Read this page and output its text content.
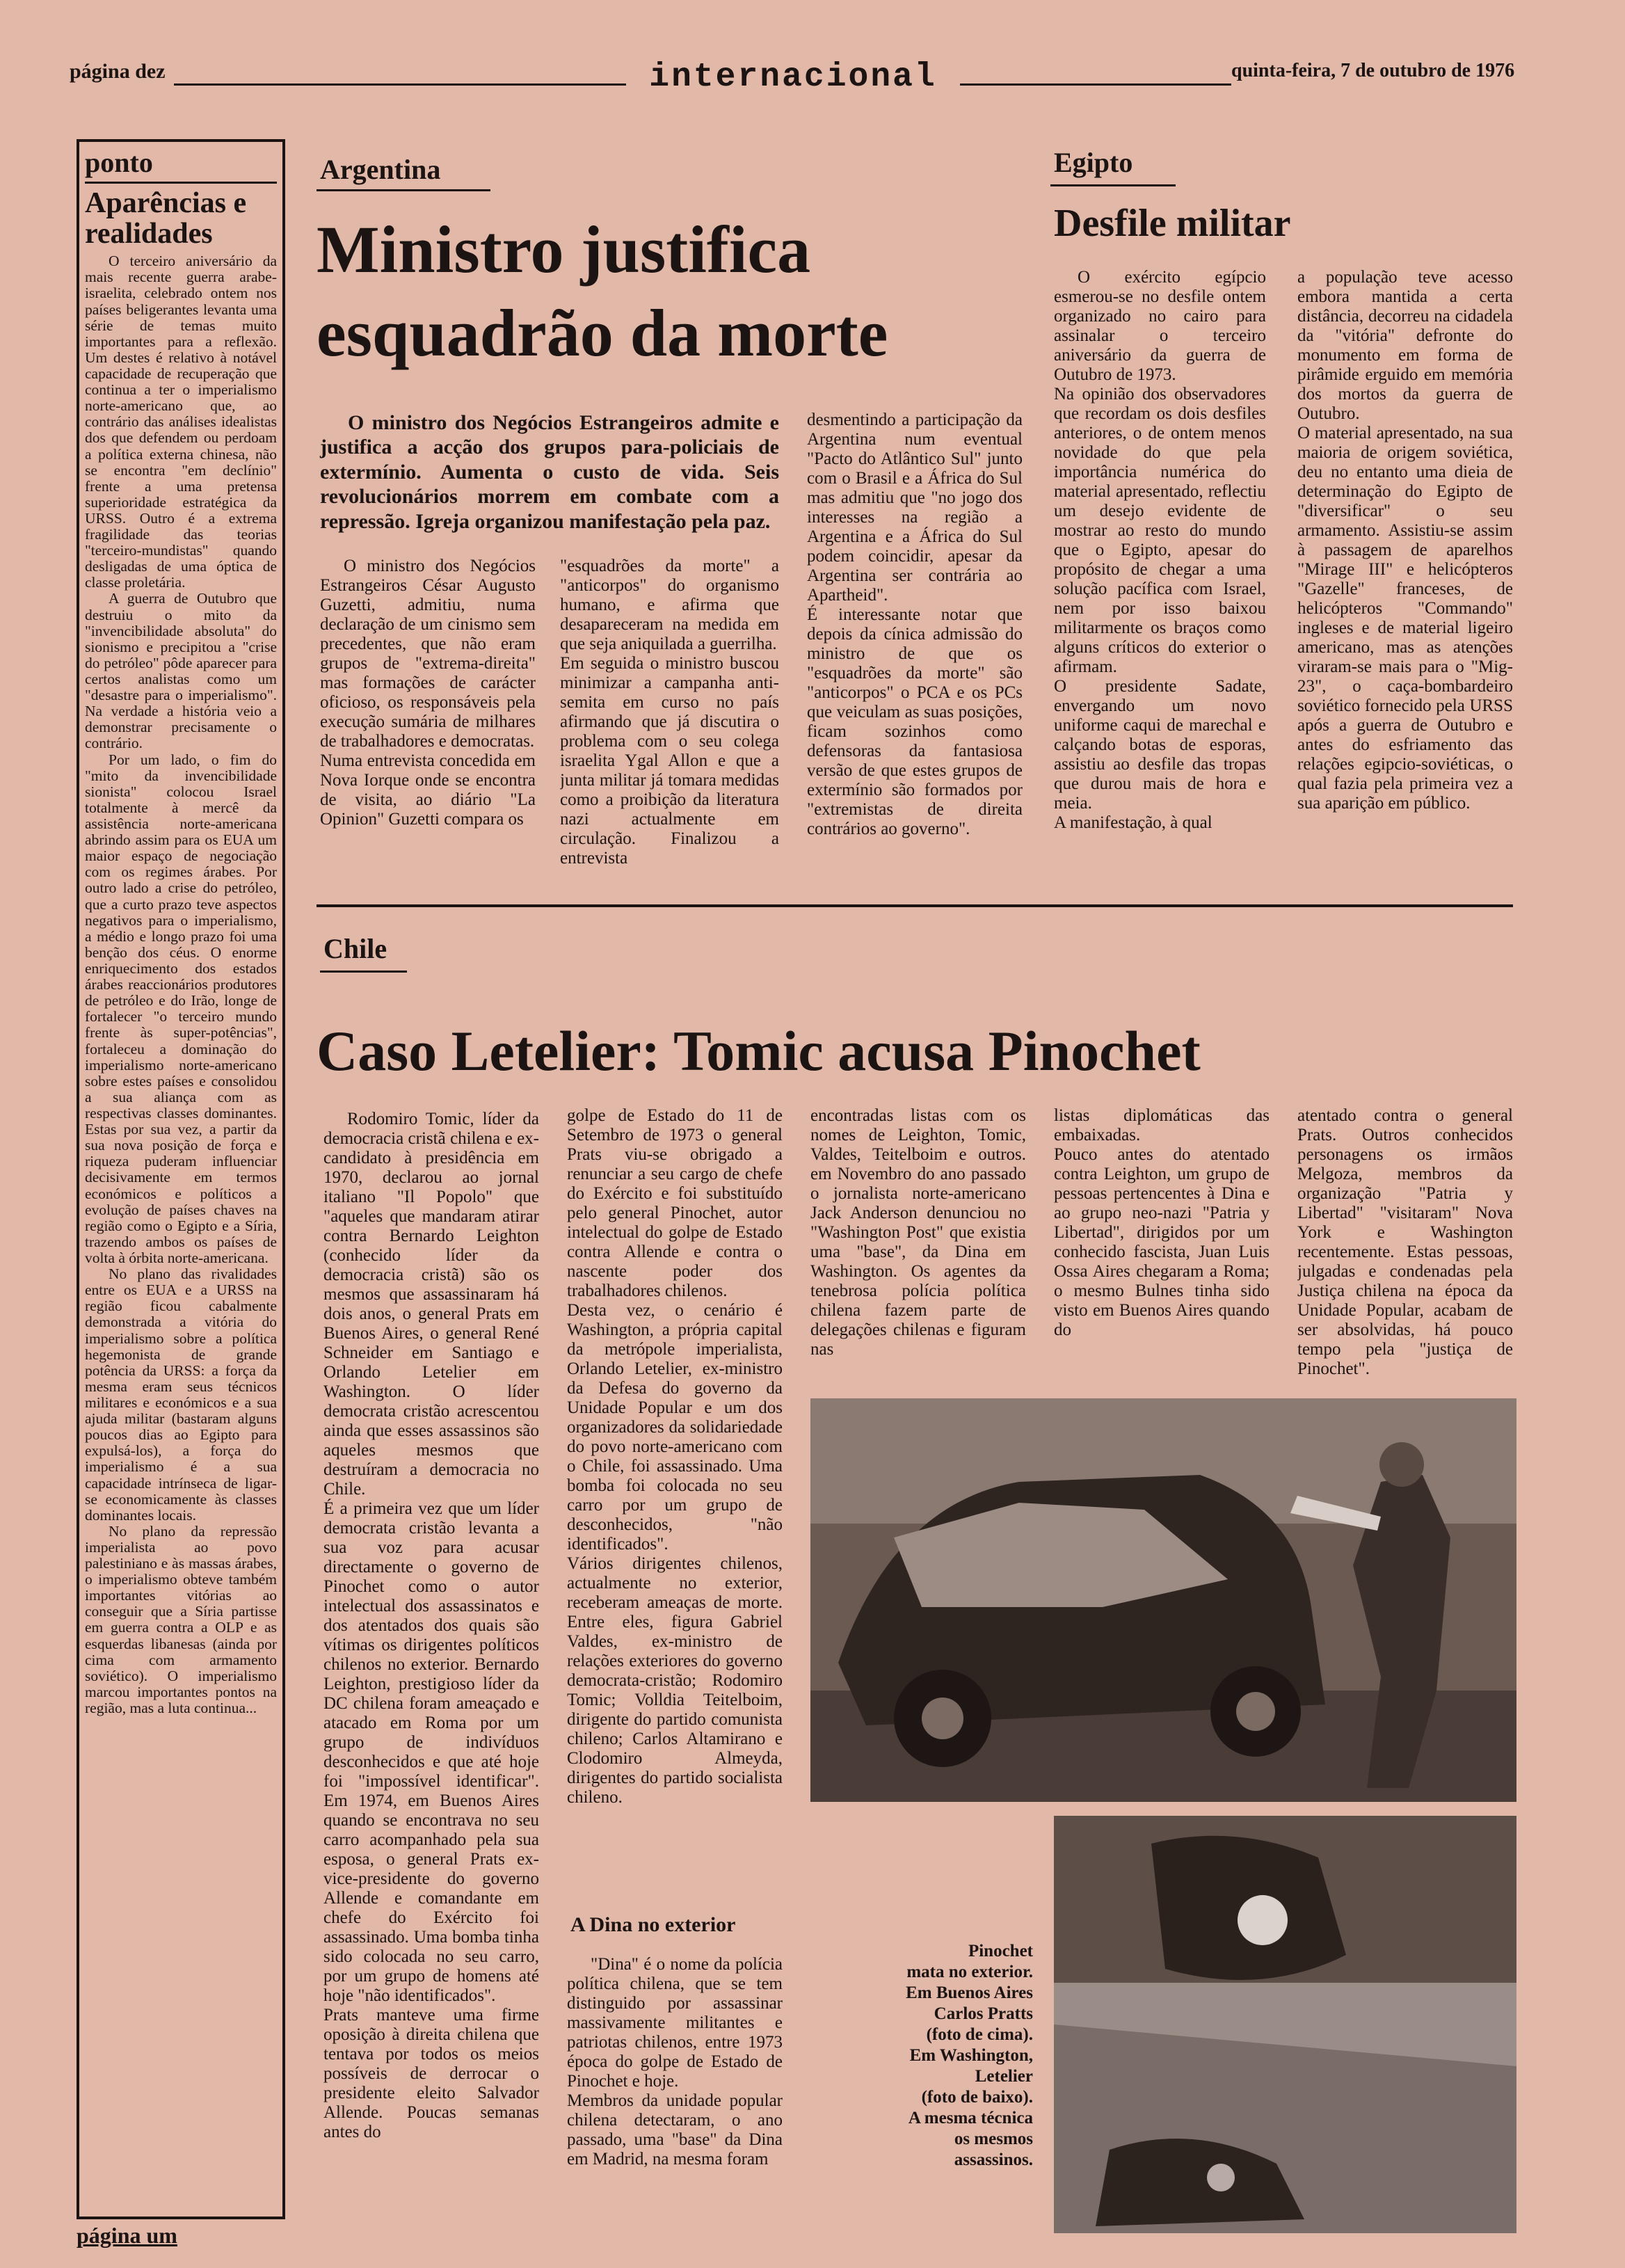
página dez	internacional	quinta-feira, 7 de outubro de 1976
ponto
Aparências e realidades

O terceiro aniversário da mais recente guerra arabe-israelita, celebrado ontem nos países beligerantes levanta uma série de temas muito importantes para a reflexão. Um destes é relativo à notável capacidade de recuperação que continua a ter o imperialismo norte-americano que, ao contrário das análises idealistas dos que defendem ou perdoam a política externa chinesa, não se encontra "em declínio" frente a uma pretensa superioridade estratégica da URSS. Outro é a extrema fragilidade das teorias "terceiro-mundistas" quando desligadas de uma óptica de classe proletária.

A guerra de Outubro que destruiu o mito da "invencibilidade absoluta" do sionismo e precipitou a "crise do petróleo" pôde aparecer para certos analistas como um "desastre para o imperialismo". Na verdade a história veio a demonstrar precisamente o contrário.

Por um lado, o fim do "mito da invencibilidade sionista" colocou Israel totalmente à mercê da assistência norte-americana abrindo assim para os EUA um maior espaço de negociação com os regimes árabes. Por outro lado a crise do petróleo, que a curto prazo teve aspectos negativos para o imperialismo, a médio e longo prazo foi uma benção dos céus. O enorme enriquecimento dos estados árabes reaccionários produtores de petróleo e do Irão, longe de fortalecer "o terceiro mundo frente às super-potências", fortaleceu a dominação do imperialismo norte-americano sobre estes países e consolidou a sua aliança com as respectivas classes dominantes. Estas por sua vez, a partir da sua nova posição de força e riqueza puderam influenciar decisivamente em termos económicos e políticos a evolução de países chaves na região como o Egipto e a Síria, trazendo ambos os países de volta à órbita norte-americana.

No plano das rivalidades entre os EUA e a URSS na região ficou cabalmente demonstrada a vitória do imperialismo sobre a política hegemonista de grande potência da URSS: a força da mesma eram seus técnicos militares e económicos e a sua ajuda militar (bastaram alguns poucos dias ao Egipto para expulsá-los), a força do imperialismo é a sua capacidade intrínseca de ligar-se economicamente às classes dominantes locais.

No plano da repressão imperialista ao povo palestiniano e às massas árabes, o imperialismo obteve também importantes vitórias ao conseguir que a Síria partisse em guerra contra a OLP e as esquerdas libanesas (ainda por cima com armamento soviético). O imperialismo marcou importantes pontos na região, mas a luta continua...

página um
Argentina
Ministro justifica
esquadrão da morte
O ministro dos Negócios Estrangeiros admite e justifica a acção dos grupos para-policiais de extermínio. Aumenta o custo de vida. Seis revolucionários morrem em combate com a repressão. Igreja organizou manifestação pela paz.

O ministro dos Negócios Estrangeiros César Augusto Guzetti, admitiu, numa declaração de um cinismo sem precedentes, que não eram grupos de "extrema-direita" mas formações de carácter oficioso, os responsáveis pela execução sumária de milhares de trabalhadores e democratas.
Numa entrevista concedida em Nova Iorque onde se encontra de visita, ao diário "La Opinion" Guzetti compara os

"esquadrões da morte" a "anticorpos" do organismo humano, e afirma que desapareceram na medida em que seja aniquilada a guerrilha.
Em seguida o ministro buscou minimizar a campanha anti-semita em curso no país afirmando que já discutira o problema com o seu colega israelita Ygal Allon e que a junta militar já tomara medidas como a proibição da literatura nazi actualmente em circulação. Finalizou a entrevista

desmentindo a participação da Argentina num eventual "Pacto do Atlântico Sul" junto com o Brasil e a África do Sul mas admitiu que "no jogo dos interesses na região a Argentina e a África do Sul podem coincidir, apesar da Argentina ser contrária ao Apartheid".
É interessante notar que depois da cínica admissão do ministro de que os "esquadrões da morte" são "anticorpos" o PCA e os PCs que veiculam as suas posições, ficam sozinhos como defensoras da fantasiosa versão de que estes grupos de extermínio são formados por "extremistas de direita contrários ao governo".

Egipto
Desfile militar

O exército egípcio esmerou-se no desfile ontem organizado no cairo para assinalar o terceiro aniversário da guerra de Outubro de 1973.
Na opinião dos observadores que recordam os dois desfiles anteriores, o de ontem menos novidade do que pela importância numérica do material apresentado, reflectiu um desejo evidente de mostrar ao resto do mundo que o Egipto, apesar do propósito de chegar a uma solução pacífica com Israel, nem por isso baixou militarmente os braços como alguns críticos do exterior o afirmam.
O presidente Sadate, envergando um novo uniforme caqui de marechal e calçando botas de esporas, assistiu ao desfile das tropas que durou mais de hora e meia.
A manifestação, à qual

a população teve acesso embora mantida a certa distância, decorreu na cidadela da "vitória" defronte do monumento em forma de pirâmide erguido em memória dos mortos da guerra de Outubro.
O material apresentado, na sua maioria de origem soviética, deu no entanto uma dieia de determinação do Egipto de "diversificar" o seu armamento. Assistiu-se assim à passagem de aparelhos "Mirage III" e helicópteros "Gazelle" franceses, de helicópteros "Commando" ingleses e de material ligeiro americano, mas as atenções viraram-se mais para o "Mig-23", o caça-bombardeiro soviético fornecido pela URSS após a guerra de Outubro e antes do esfriamento das relações egipcio-soviéticas, o qual fazia pela primeira vez a sua aparição em público.

Chile
Caso Letelier: Tomic acusa Pinochet

Rodomiro Tomic, líder da democracia cristã chilena e ex-candidato à presidência em 1970, declarou ao jornal italiano "Il Popolo" que "aqueles que mandaram atirar contra Bernardo Leighton (conhecido líder da democracia cristã) são os mesmos que assassinaram há dois anos, o general Prats em Buenos Aires, o general René Schneider em Santiago e Orlando Letelier em Washington. O líder democrata cristão acrescentou ainda que esses assassinos são aqueles mesmos que destruíram a democracia no Chile.
É a primeira vez que um líder democrata cristão levanta a sua voz para acusar directamente o governo de Pinochet como o autor intelectual dos assassinatos e dos atentados dos quais são vítimas os dirigentes políticos chilenos no exterior. Bernardo Leighton, prestigioso líder da DC chilena foram ameaçado e atacado em Roma por um grupo de indivíduos desconhecidos e que até hoje foi "impossível identificar". Em 1974, em Buenos Aires quando se encontrava no seu carro acompanhado pela sua esposa, o general Prats ex-vice-presidente do governo Allende e comandante em chefe do Exército foi assassinado. Uma bomba tinha sido colocada no seu carro, por um grupo de homens até hoje "não identificados".
Prats manteve uma firme oposição à direita chilena que tentava por todos os meios possíveis de derrocar o presidente eleito Salvador Allende. Poucas semanas antes do

golpe de Estado do 11 de Setembro de 1973 o general Prats viu-se obrigado a renunciar a seu cargo de chefe do Exército e foi substituído pelo general Pinochet, autor intelectual do golpe de Estado contra Allende e contra o nascente poder dos trabalhadores chilenos.
Desta vez, o cenário é Washington, a própria capital da metrópole imperialista, Orlando Letelier, ex-ministro da Defesa do governo da Unidade Popular e um dos organizadores da solidariedade do povo norte-americano com o Chile, foi assassinado. Uma bomba foi colocada no seu carro por um grupo de desconhecidos, "não identificados".
Vários dirigentes chilenos, actualmente no exterior, receberam ameaças de morte. Entre eles, figura Gabriel Valdes, ex-ministro de relações exteriores do governo democrata-cristão; Rodomiro Tomic; Volldia Teitelboim, dirigente do partido comunista chileno; Carlos Altamirano e Clodomiro Almeyda, dirigentes do partido socialista chileno.

A Dina no exterior

"Dina" é o nome da polícia política chilena, que se tem distinguido por assassinar massivamente militantes e patriotas chilenos, entre 1973 época do golpe de Estado de Pinochet e hoje.
Membros da unidade popular chilena detectaram, o ano passado, uma "base" da Dina em Madrid, na mesma foram

encontradas listas com os nomes de Leighton, Tomic, Valdes, Teitelboim e outros. em Novembro do ano passado o jornalista norte-americano Jack Anderson denunciou no "Washington Post" que existia uma "base", da Dina em Washington. Os agentes da tenebrosa polícia política chilena fazem parte de delegações chilenas e figuram nas

listas diplomáticas das embaixadas.
Pouco antes do atentado contra Leighton, um grupo de pessoas pertencentes à Dina e ao grupo neo-nazi "Patria y Libertad", dirigidos por um conhecido fascista, Juan Luis Ossa Aires chegaram a Roma; o mesmo Bulnes tinha sido visto em Buenos Aires quando do

atentado contra o general Prats. Outros conhecidos personagens os irmãos Melgoza, membros da organização "Patria y Libertad" "visitaram" Nova York e Washington recentemente. Estas pessoas, julgadas e condenadas pela Justiça chilena na época da Unidade Popular, acabam de ser absolvidas, há pouco tempo pela "justiça de Pinochet".

Pinochet
mata no exterior.
Em Buenos Aires
Carlos Pratts
(foto de cima).
Em Washington,
Letelier
(foto de baixo).
A mesma técnica
os mesmos
assassinos.
